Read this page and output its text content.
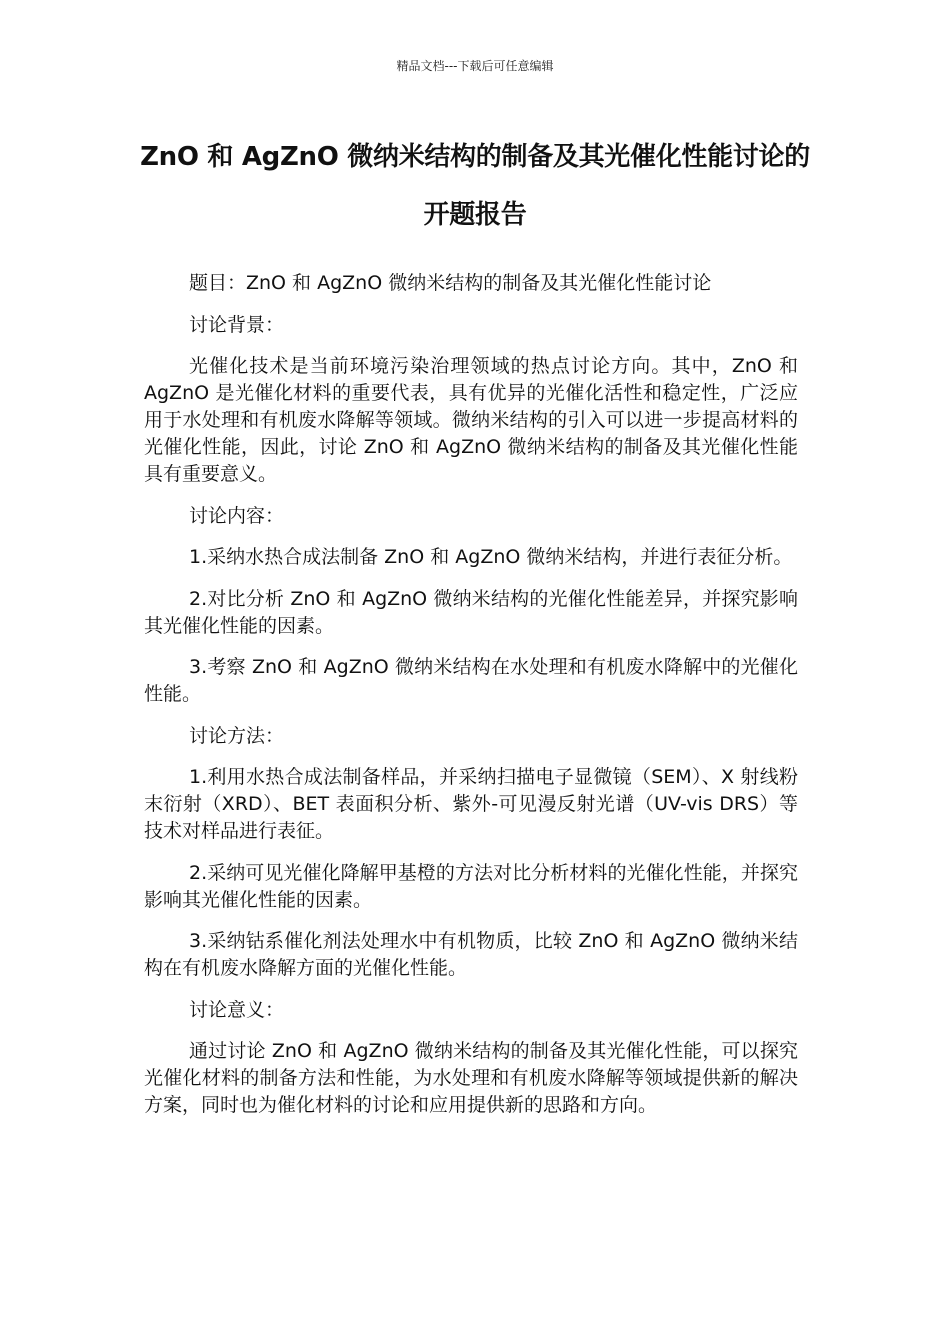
精品文档---下载后可任意编辑
ZnO 和 AgZnO 微纳米结构的制备及其光催化性能讨论的开题报告

题目：ZnO 和 AgZnO 微纳米结构的制备及其光催化性能讨论

讨论背景：

光催化技术是当前环境污染治理领域的热点讨论方向。其中，ZnO 和 AgZnO 是光催化材料的重要代表，具有优异的光催化活性和稳定性，广泛应用于水处理和有机废水降解等领域。微纳米结构的引入可以进一步提高材料的光催化性能，因此，讨论 ZnO 和 AgZnO 微纳米结构的制备及其光催化性能具有重要意义。

讨论内容：

1.采纳水热合成法制备 ZnO 和 AgZnO 微纳米结构，并进行表征分析。

2.对比分析 ZnO 和 AgZnO 微纳米结构的光催化性能差异，并探究影响其光催化性能的因素。

3.考察 ZnO 和 AgZnO 微纳米结构在水处理和有机废水降解中的光催化性能。

讨论方法：

1.利用水热合成法制备样品，并采纳扫描电子显微镜（SEM）、X 射线粉末衍射（XRD）、BET 表面积分析、紫外-可见漫反射光谱（UV-vis DRS）等技术对样品进行表征。

2.采纳可见光催化降解甲基橙的方法对比分析材料的光催化性能，并探究影响其光催化性能的因素。

3.采纳钴系催化剂法处理水中有机物质，比较 ZnO 和 AgZnO 微纳米结构在有机废水降解方面的光催化性能。

讨论意义：

通过讨论 ZnO 和 AgZnO 微纳米结构的制备及其光催化性能，可以探究光催化材料的制备方法和性能，为水处理和有机废水降解等领域提供新的解决方案，同时也为催化材料的讨论和应用提供新的思路和方向。
